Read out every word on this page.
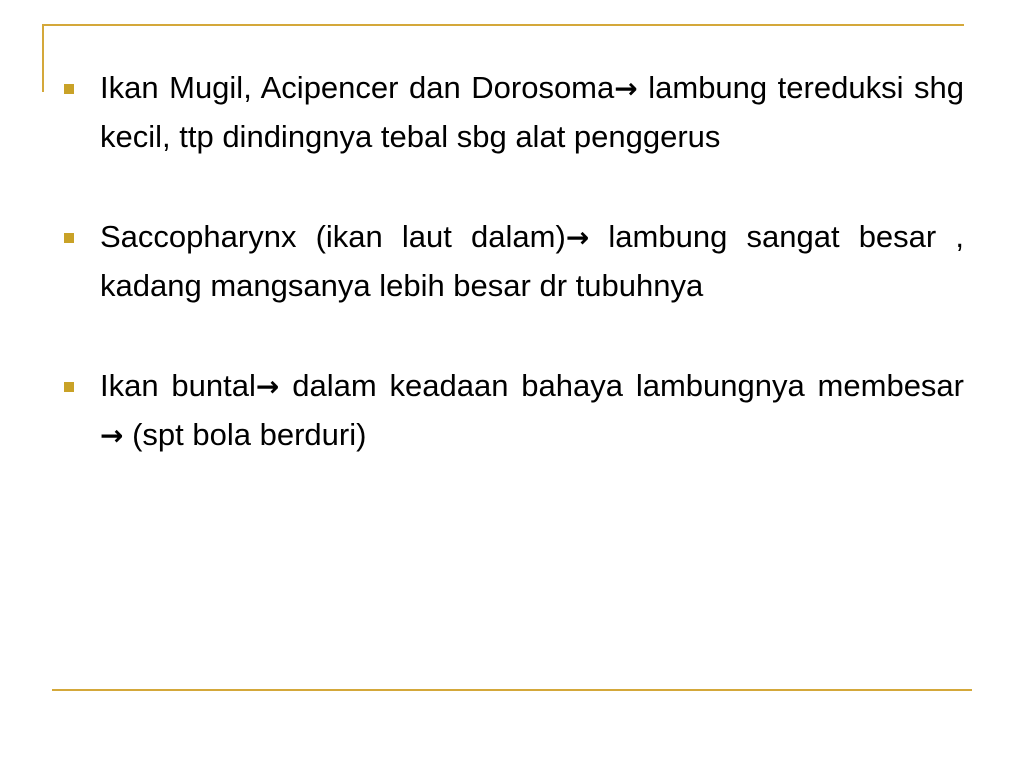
Ikan Mugil, Acipencer dan Dorosoma→ lambung tereduksi shg kecil, ttp dindingnya tebal sbg alat penggerus
Saccopharynx (ikan laut dalam)→ lambung sangat besar , kadang mangsanya lebih besar dr tubuhnya
Ikan buntal→ dalam keadaan bahaya lambungnya membesar → (spt bola berduri)
